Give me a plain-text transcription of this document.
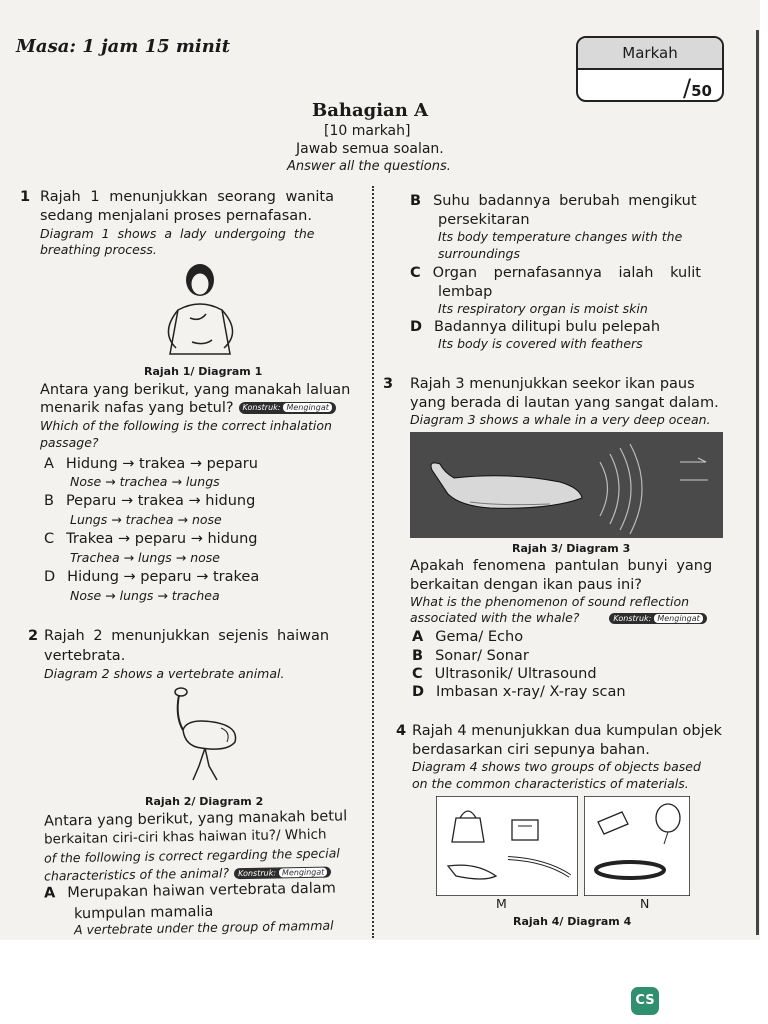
Masa: 1 jam 15 minit	Markah
/50
Bahagian A
[10 markah]
Jawab semua soalan.
Answer all the questions.
1 Rajah 1 menunjukkan seorang wanita
sedang menjalani proses pernafasan.
Diagram 1 shows a lady undergoing the
breathing process.
Rajah 1/ Diagram 1
Antara yang berikut, yang manakah laluan
menarik nafas yang betul? Konstruk: Mengingat
Which of the following is the correct inhalation
passage?
A Hidung → trakea → peparu
Nose → trachea → lungs
B Peparu → trakea → hidung
Lungs → trachea → nose
C Trakea → peparu → hidung
Trachea → lungs → nose
D Hidung → peparu → trakea
Nose → lungs → trachea
2 Rajah 2 menunjukkan sejenis haiwan
vertebrata.
Diagram 2 shows a vertebrate animal.
Rajah 2/ Diagram 2
Antara yang berikut, yang manakah betul
berkaitan ciri-ciri khas haiwan itu?/ Which
of the following is correct regarding the special
characteristics of the animal? Konstruk: Mengingat
A Merupakan haiwan vertebrata dalam
kumpulan mamalia
A vertebrate under the group of mammal
B Suhu badannya berubah mengikut
persekitaran
Its body temperature changes with the
surroundings
C Organ pernafasannya ialah kulit
lembap
Its respiratory organ is moist skin
D Badannya dilitupi bulu pelepah
Its body is covered with feathers
3 Rajah 3 menunjukkan seekor ikan paus
yang berada di lautan yang sangat dalam.
Diagram 3 shows a whale in a very deep ocean.
Rajah 3/ Diagram 3
Apakah fenomena pantulan bunyi yang
berkaitan dengan ikan paus ini?
What is the phenomenon of sound reflection
associated with the whale?	Konstruk: Mengingat
A Gema/ Echo
B Sonar/ Sonar
C Ultrasonik/ Ultrasound
D Imbasan x-ray/ X-ray scan
4 Rajah 4 menunjukkan dua kumpulan objek
berdasarkan ciri sepunya bahan.
Diagram 4 shows two groups of objects based
on the common characteristics of materials.
M	N
Rajah 4/ Diagram 4
CS
